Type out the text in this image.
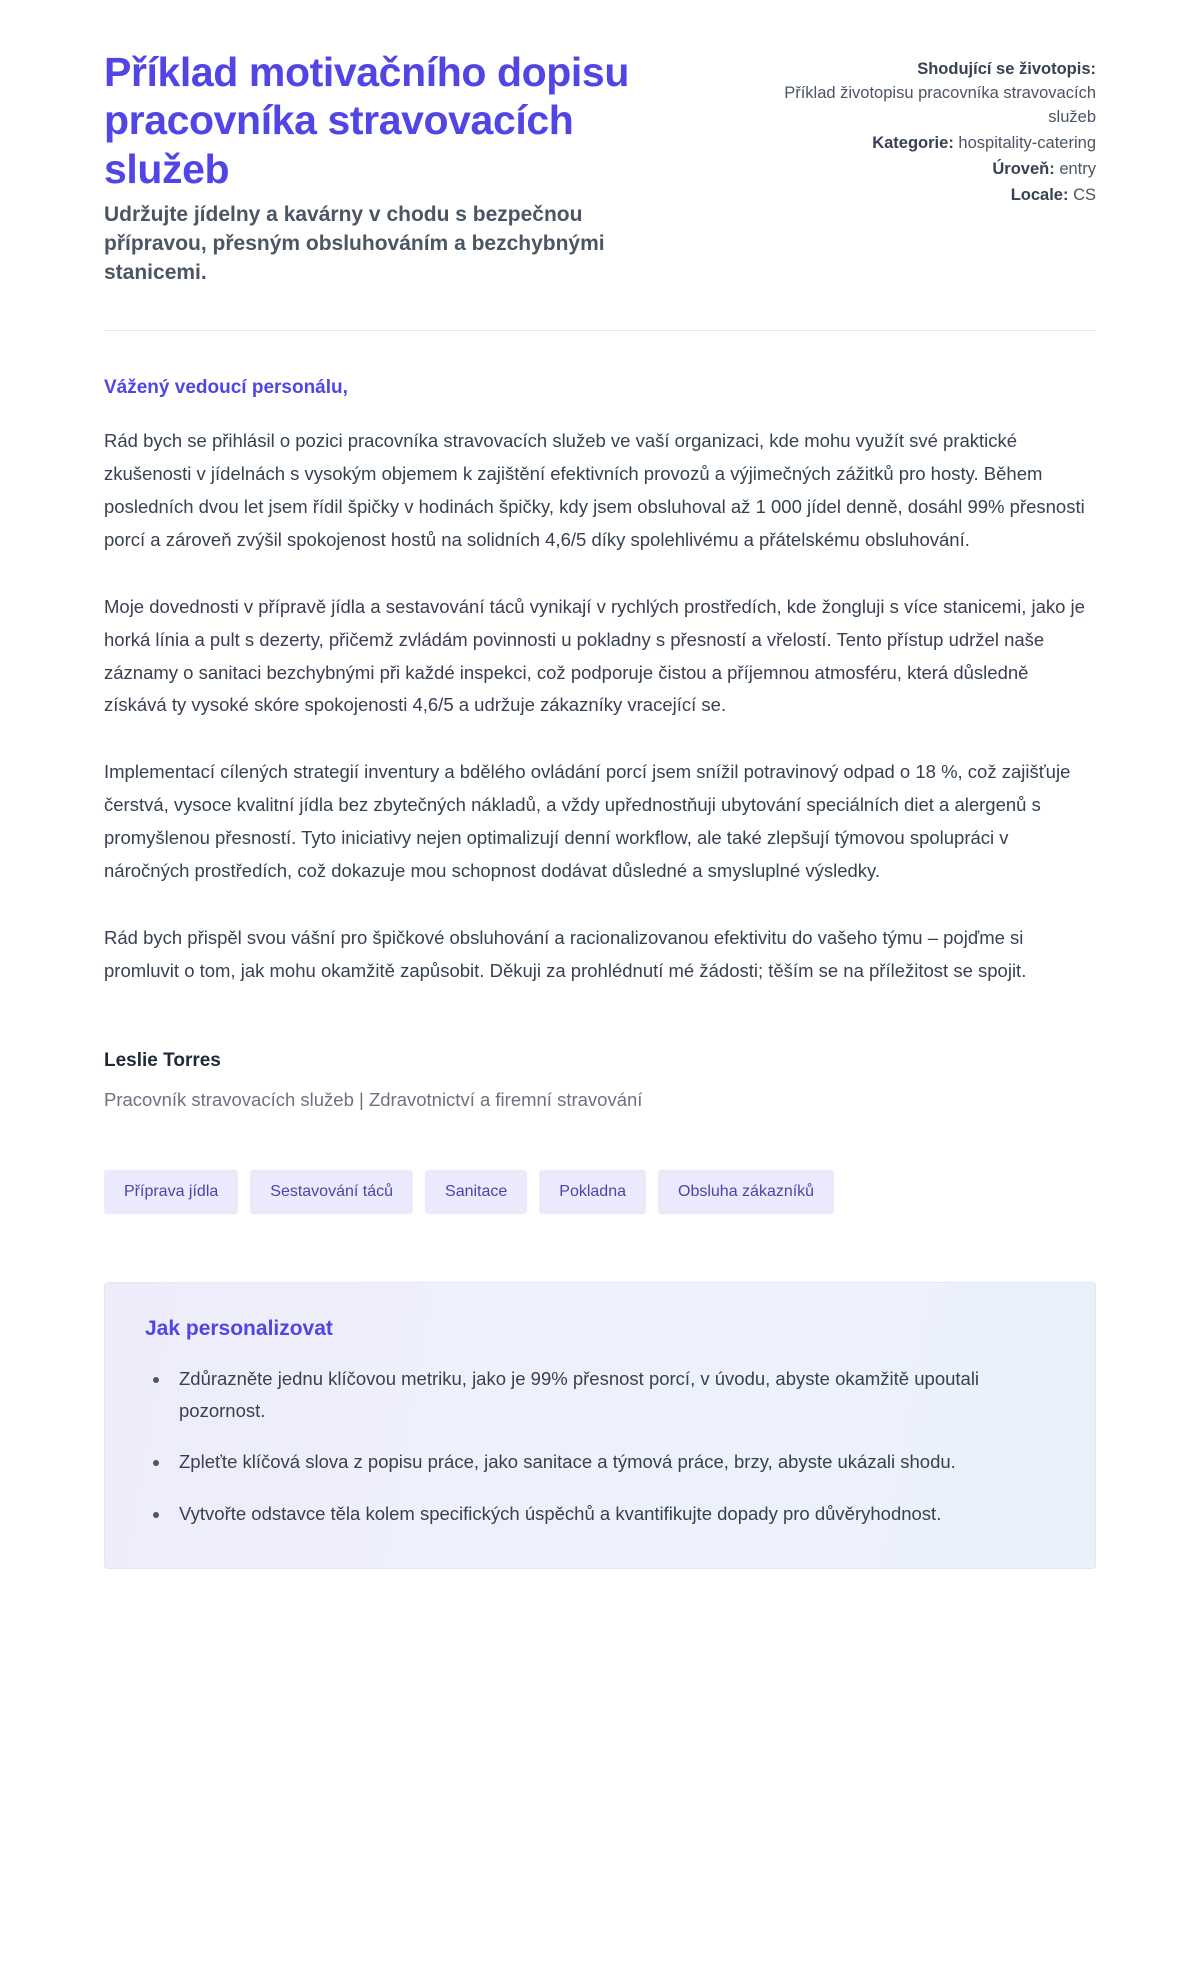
Příklad motivačního dopisu pracovníka stravovacích služeb

Udržujte jídelny a kavárny v chodu s bezpečnou přípravou, přesným obsluhováním a bezchybnými stanicemi.

Shodující se životopis:
Příklad životopisu pracovníka stravovacích služeb
Kategorie: hospitality-catering
Úroveň: entry
Locale: CS

Vážený vedoucí personálu,

Rád bych se přihlásil o pozici pracovníka stravovacích služeb ve vaší organizaci, kde mohu využít své praktické zkušenosti v jídelnách s vysokým objemem k zajištění efektivních provozů a výjimečných zážitků pro hosty. Během posledních dvou let jsem řídil špičky v hodinách špičky, kdy jsem obsluhoval až 1 000 jídel denně, dosáhl 99% přesnosti porcí a zároveň zvýšil spokojenost hostů na solidních 4,6/5 díky spolehlivému a přátelskému obsluhování.

Moje dovednosti v přípravě jídla a sestavování táců vynikají v rychlých prostředích, kde žongluji s více stanicemi, jako je horká línia a pult s dezerty, přičemž zvládám povinnosti u pokladny s přesností a vřelostí. Tento přístup udržel naše záznamy o sanitaci bezchybnými při každé inspekci, což podporuje čistou a příjemnou atmosféru, která důsledně získává ty vysoké skóre spokojenosti 4,6/5 a udržuje zákazníky vracející se.

Implementací cílených strategií inventury a bdělého ovládání porcí jsem snížil potravinový odpad o 18 %, což zajišťuje čerstvá, vysoce kvalitní jídla bez zbytečných nákladů, a vždy upřednostňuji ubytování speciálních diet a alergenů s promyšlenou přesností. Tyto iniciativy nejen optimalizují denní workflow, ale také zlepšují týmovou spolupráci v náročných prostředích, což dokazuje mou schopnost dodávat důsledné a smysluplné výsledky.

Rád bych přispěl svou vášní pro špičkové obsluhování a racionalizovanou efektivitu do vašeho týmu – pojďme si promluvit o tom, jak mohu okamžitě zapůsobit. Děkuji za prohlédnutí mé žádosti; těším se na příležitost se spojit.

Leslie Torres

Pracovník stravovacích služeb | Zdravotnictví a firemní stravování

Příprava jídla	Sestavování táců	Sanitace	Pokladna	Obsluha zákazníků
Jak personalizovat
• Zdůrazněte jednu klíčovou metriku, jako je 99% přesnost porcí, v úvodu, abyste okamžitě upoutali pozornost.
• Zpleťte klíčová slova z popisu práce, jako sanitace a týmová práce, brzy, abyste ukázali shodu.
• Vytvořte odstavce těla kolem specifických úspěchů a kvantifikujte dopady pro důvěryhodnost.
